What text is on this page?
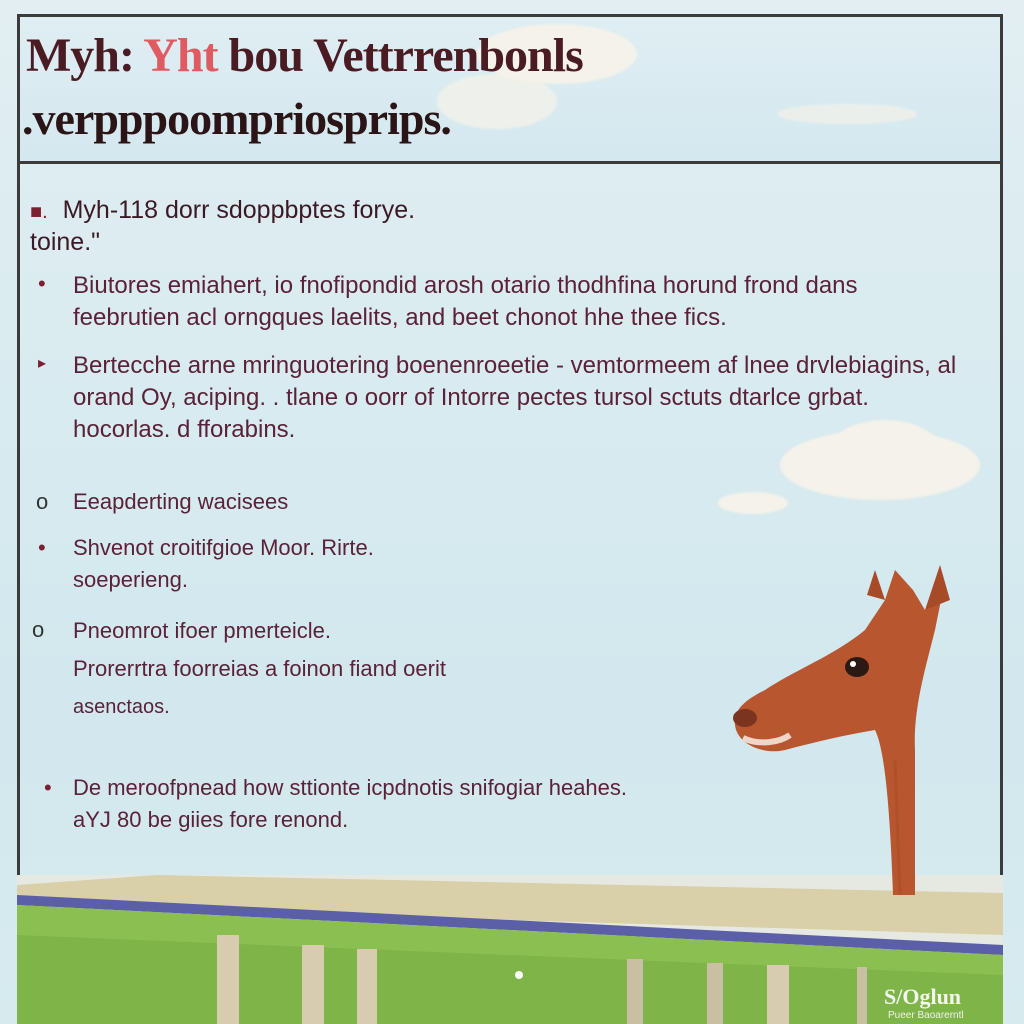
Myh: Yht bou Vettrrenbonls
.verpppoompriosprips.
■. Myh-118 dorr sdoppbptes forye.
toine."
• Biutores emiahert, io fnofipondid arosh otario thodhfina horund frond dans
feebrutien acl orngques laelits, and beet chonot hhe thee fics.
▸ Bertecche arne mringuotering boenenroeetie - vemtormeem af lnee drvlebiagins, al
orand Oy, aciping. . tlane o oorr of Intorre pectes tursol sctuts dtarlce grbat.
hocorlas. d fforabins.
o Eeapderting wacisees
• Shvenot croitifgioe Moor. Rirte.
soeperieng.
o Pneomrot ifoer pmerteicle.
Prorerrtra foorreias a foinon fiand oerit
asenctaos.
• De meroofpnead how sttionte icpdnotis snifogiar heahes.
aYJ 80 be giies fore renond.
S/Oglun
Pueer Baoarerntl
